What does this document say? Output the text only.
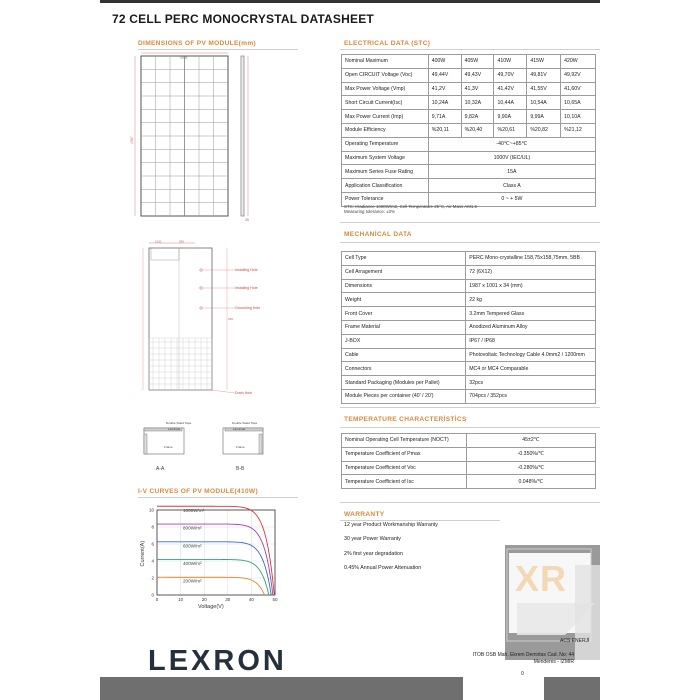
72 CELL PERC MONOCRYSTAL DATASHEET
DIMENSIONS OF PV MODULE(mm)
1001
1987
35
1001	990
Installing Hole
Installing Hole
Grounding Hole
Drain Hole
990
Double Sided Tape
Laminate
Frame
A-A
Double Sided Tape
Laminate
Frame
B-B
I-V CURVES OF PV MODULE(410W)
0	10	20	30	40	50
0
2
4
6
8
10
Voltage(V)
Current(A)
1000W/m²
800W/m²
600W/m²
400W/m²
200W/m²
ELECTRICAL DATA (STC)
Nominal Maximum	400W	405W	410W	415W	420W
Open CIRCUIT Voltage (Voc)	49,44V	49,43V	49,70V	49,81V	49,92V
Max Power Voltage (Vmp)	41,2V	41,3V	41,42V	41,55V	41,60V
Short Circuit Current(Isc)	10,24A	10,32A	10,44A	10,54A	10,65A
Max Power Current (Imp)	9,71A	9,82A	9,90A	9,99A	10,10A
Module Efficiency	%20,11	%20,40	%20,61	%20,82	%21,12
Operating Temperature	-40℃~+85℃				
Maximum System Voltage	1000V (IEC/UL)				
Maximum Series Fuse Rating	15A				
Application Classification	Class A				
Power Tolerance	0 ~ + 5W				
STC: Irradiance 1000W/m2, Cell Temperature 25°C, Air Mass AM1.5
Measuring tolerance: ±3%
MECHANİCAL DATA
Cell Type	PERC Mono-crystalline 158,75x158,75mm, 5BB
Cell Arragement	72 (6X12)
Dimensions	1987 x 1001 x 34 (mm)
Weight	22 kg
Front Cover	3.2mm Tempered Glass
Frame Material	Anodized Aluminum Alloy
J-BOX	IP67 / IP68
Cable	Photovoltaic Technology Cable 4.0mm2 / 1200mm
Connectors	MC4 or MC4 Comparable
Standard Packaging (Modules per Pallet)	32pcs
Module Pieces per container (40' / 20')	704pcs / 352pcs
TEMPERATURE CHARACTERİSTİCS
Nominal Operating Cell Temperature (NOCT)	45±2℃
Temperature Coefficient of Pmax	-0.350%/℃
Temperature Coefficient of Voc	-0.280%/℃
Temperature Coefficient of Isc	0.048%/℃
WARRANTY
12 year Product Workmanship Warranty
30 year Power Warranty
2% first year degradation
0.45% Annual Power Attenuation	XR
ACS ENERJİ
ITOB OSB Mah. Ekrem Demirtas Cad. No: 44
Menderes - IZMIR
LEXRON	0
